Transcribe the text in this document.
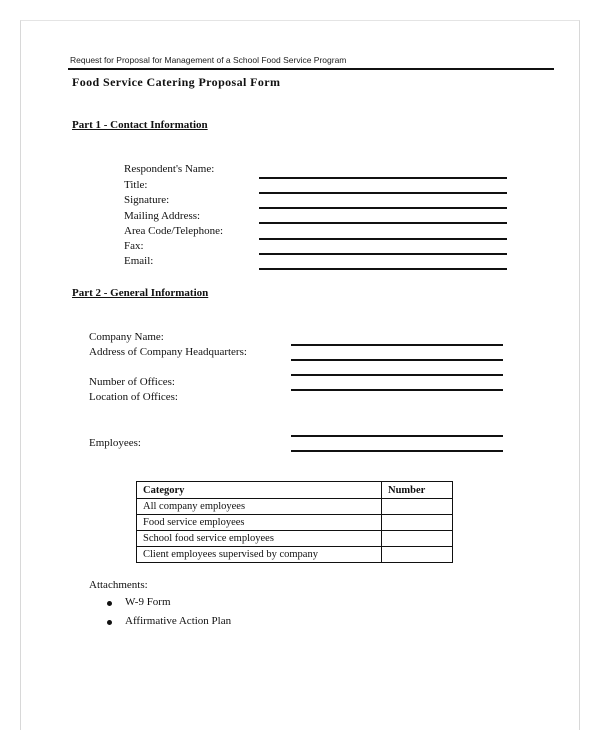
Request for Proposal for Management of a School Food Service Program
Food Service Catering Proposal Form
Part 1 - Contact Information
Respondent's Name:
Title:
Signature:
Mailing Address:
Area Code/Telephone:
Fax:
Email:
Part 2 - General Information
Company Name:
Address of Company Headquarters:
Number of Offices:
Location of Offices:
Employees:
Category	Number
All company employees	
Food service employees	
School food service employees	
Client employees supervised by company	
Attachments:
W-9 Form
Affirmative Action Plan
